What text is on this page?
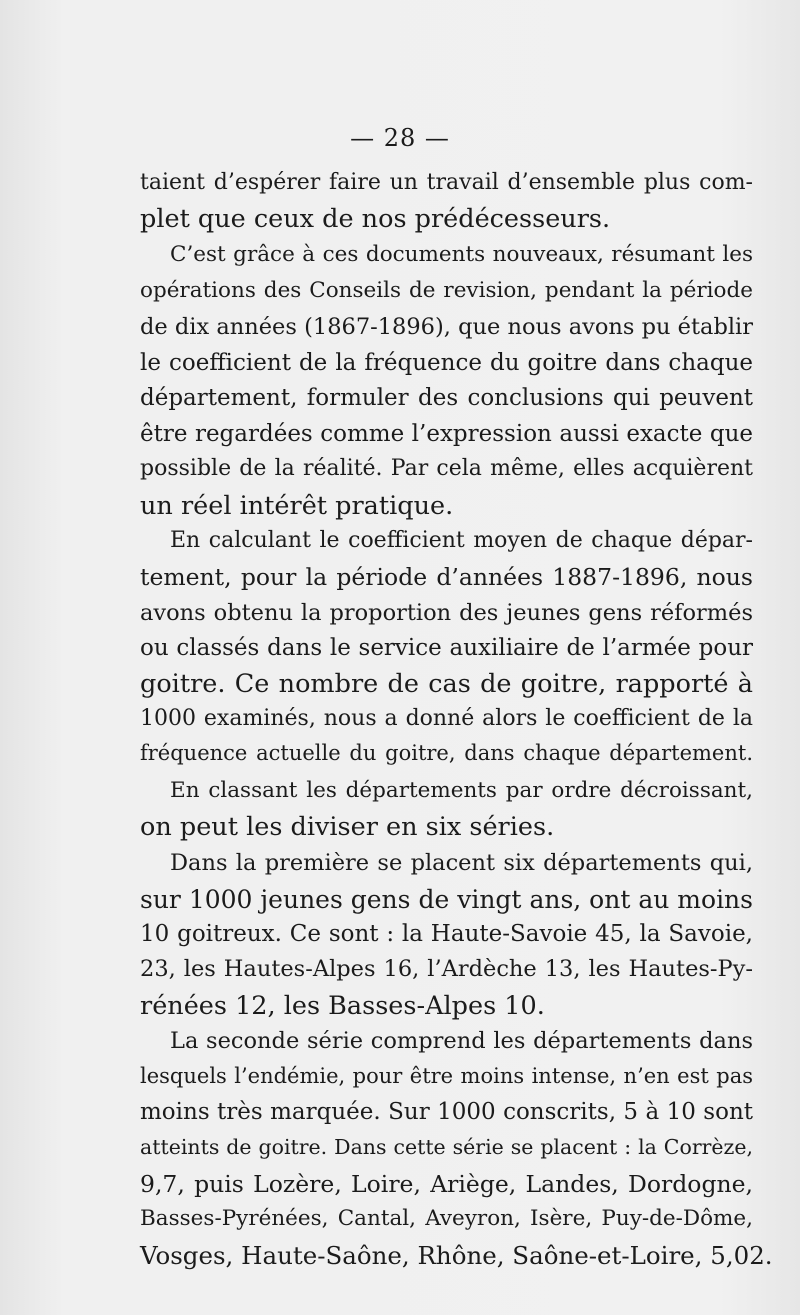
— 28 —
taient d’espérer faire un travail d’ensemble plus com-
plet que ceux de nos prédécesseurs.
C’est grâce à ces documents nouveaux, résumant les
opérations des Conseils de revision, pendant la période
de dix années (1867-1896), que nous avons pu établir
le coefficient de la fréquence du goitre dans chaque
département, formuler des conclusions qui peuvent
être regardées comme l’expression aussi exacte que
possible de la réalité. Par cela même, elles acquièrent
un réel intérêt pratique.
En calculant le coefficient moyen de chaque dépar-
tement, pour la période d’années 1887-1896, nous
avons obtenu la proportion des jeunes gens réformés
ou classés dans le service auxiliaire de l’armée pour
goitre. Ce nombre de cas de goitre, rapporté à
1000 examinés, nous a donné alors le coefficient de la
fréquence actuelle du goitre, dans chaque département.
En classant les départements par ordre décroissant,
on peut les diviser en six séries.
Dans la première se placent six départements qui,
sur 1000 jeunes gens de vingt ans, ont au moins
10 goitreux. Ce sont : la Haute-Savoie 45, la Savoie,
23, les Hautes-Alpes 16, l’Ardèche 13, les Hautes-Py-
rénées 12, les Basses-Alpes 10.
La seconde série comprend les départements dans
lesquels l’endémie, pour être moins intense, n’en est pas
moins très marquée. Sur 1000 conscrits, 5 à 10 sont
atteints de goitre. Dans cette série se placent : la Corrèze,
9,7, puis Lozère, Loire, Ariège, Landes, Dordogne,
Basses-Pyrénées, Cantal, Aveyron, Isère, Puy-de-Dôme,
Vosges, Haute-Saône, Rhône, Saône-et-Loire, 5,02.
